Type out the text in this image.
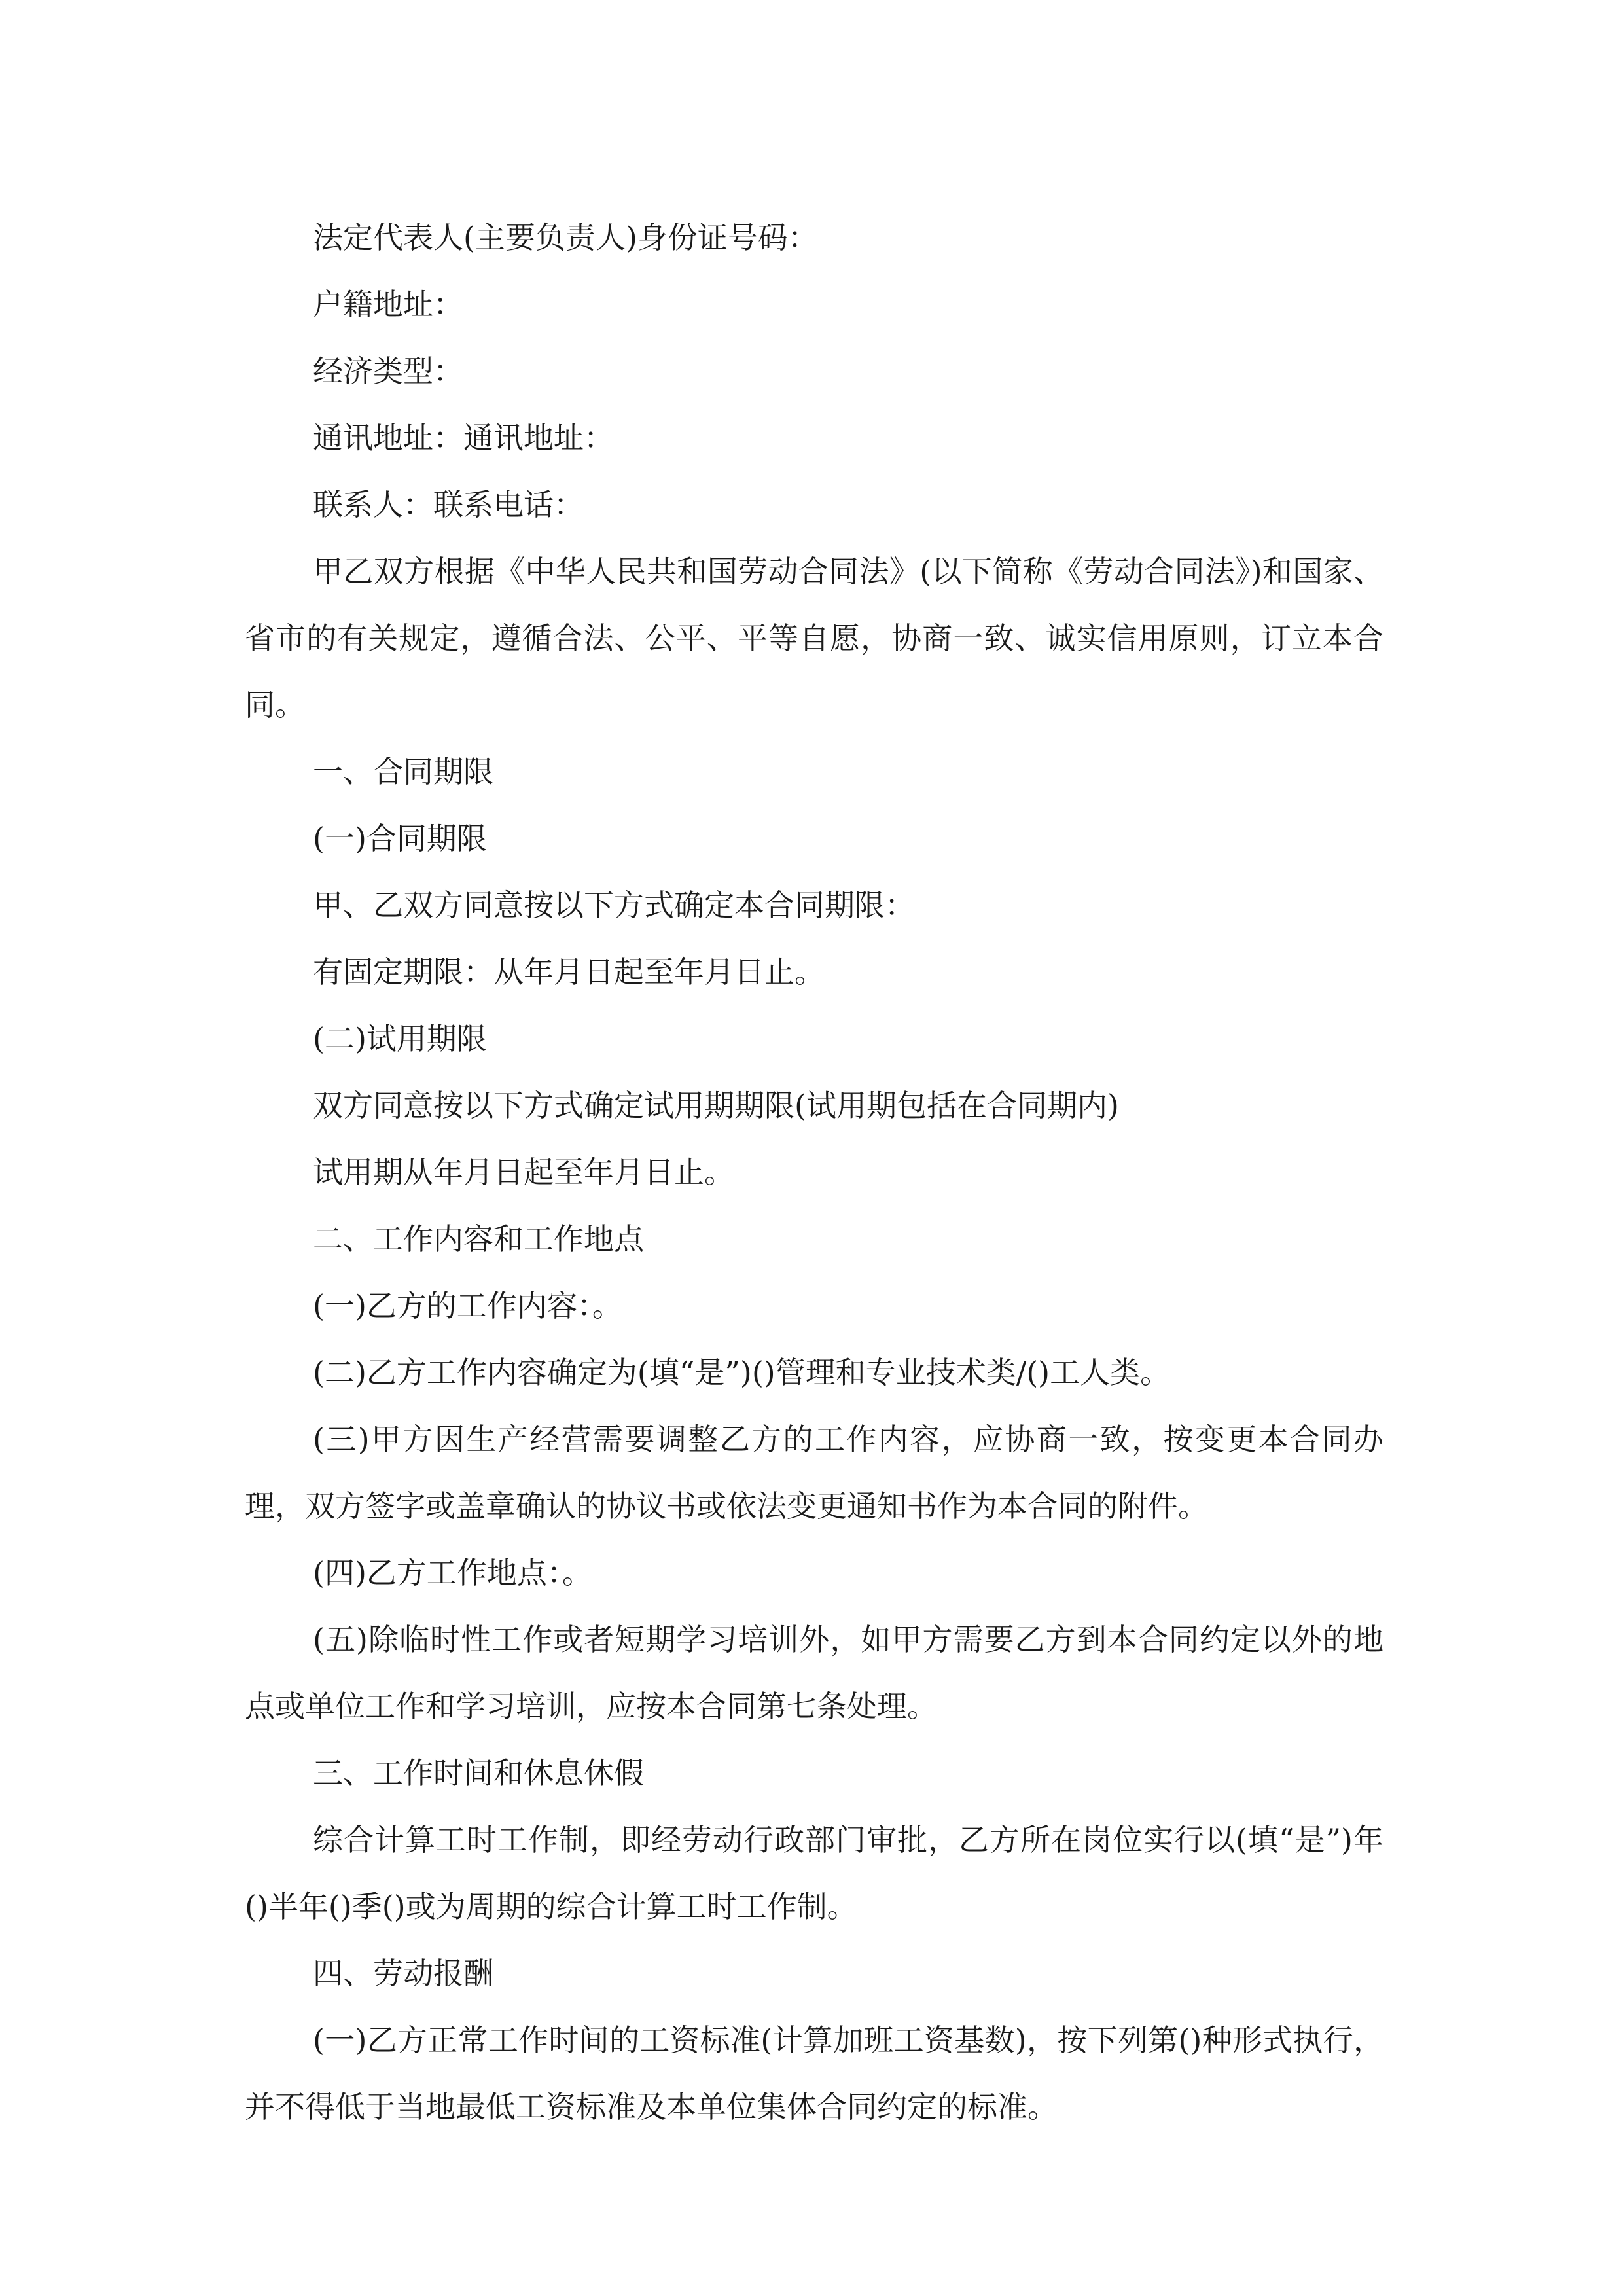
法定代表人(主要负责人)身份证号码：

户籍地址：

经济类型：

通讯地址：通讯地址：

联系人：联系电话：

甲乙双方根据《中华人民共和国劳动合同法》(以下简称《劳动合同法》)和国家、省市的有关规定，遵循合法、公平、平等自愿，协商一致、诚实信用原则，订立本合同。

一、合同期限

(一)合同期限

甲、乙双方同意按以下方式确定本合同期限：

有固定期限：从年月日起至年月日止。

(二)试用期限

双方同意按以下方式确定试用期期限(试用期包括在合同期内)

试用期从年月日起至年月日止。

二、工作内容和工作地点

(一)乙方的工作内容：。

(二)乙方工作内容确定为(填“是”)()管理和专业技术类/()工人类。

(三)甲方因生产经营需要调整乙方的工作内容，应协商一致，按变更本合同办理，双方签字或盖章确认的协议书或依法变更通知书作为本合同的附件。

(四)乙方工作地点：。

(五)除临时性工作或者短期学习培训外，如甲方需要乙方到本合同约定以外的地点或单位工作和学习培训，应按本合同第七条处理。

三、工作时间和休息休假

综合计算工时工作制，即经劳动行政部门审批，乙方所在岗位实行以(填“是”)年()半年()季()或为周期的综合计算工时工作制。

四、劳动报酬

(一)乙方正常工作时间的工资标准(计算加班工资基数)，按下列第()种形式执行，并不得低于当地最低工资标准及本单位集体合同约定的标准。
